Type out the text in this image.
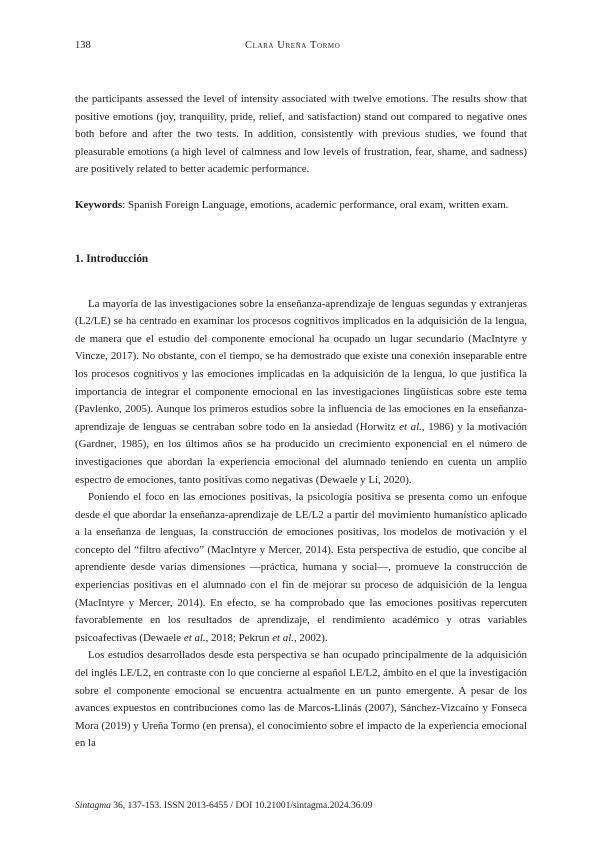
138	Clara Ureña Tormo

the participants assessed the level of intensity associated with twelve emotions. The results show that positive emotions (joy, tranquility, pride, relief, and satisfaction) stand out compared to negative ones both before and after the two tests. In addition, consistently with previous studies, we found that pleasurable emotions (a high level of calmness and low levels of frustration, fear, shame, and sadness) are positively related to better academic performance.

Keywords: Spanish Foreign Language, emotions, academic performance, oral exam, written exam.

1. Introducción

La mayoría de las investigaciones sobre la enseñanza-aprendizaje de lenguas segundas y extranjeras (L2/LE) se ha centrado en examinar los procesos cognitivos implicados en la adquisición de la lengua, de manera que el estudio del componente emocional ha ocupado un lugar secundario (MacIntyre y Vincze, 2017). No obstante, con el tiempo, se ha demostrado que existe una conexión inseparable entre los procesos cognitivos y las emociones implicadas en la adquisición de la lengua, lo que justifica la importancia de integrar el componente emocional en las investigaciones lingüísticas sobre este tema (Pavlenko, 2005). Aunque los primeros estudios sobre la influencia de las emociones en la enseñanza-aprendizaje de lenguas se centraban sobre todo en la ansiedad (Horwitz et al., 1986) y la motivación (Gardner, 1985), en los últimos años se ha producido un crecimiento exponencial en el número de investigaciones que abordan la experiencia emocional del alumnado teniendo en cuenta un amplio espectro de emociones, tanto positivas como negativas (Dewaele y Li, 2020).

Poniendo el foco en las emociones positivas, la psicología positiva se presenta como un enfoque desde el que abordar la enseñanza-aprendizaje de LE/L2 a partir del movimiento humanístico aplicado a la enseñanza de lenguas, la construcción de emociones positivas, los modelos de motivación y el concepto del “filtro afectivo” (MacIntyre y Mercer, 2014). Esta perspectiva de estudio, que concibe al aprendiente desde varias dimensiones —práctica, humana y social—, promueve la construcción de experiencias positivas en el alumnado con el fin de mejorar su proceso de adquisición de la lengua (MacIntyre y Mercer, 2014). En efecto, se ha comprobado que las emociones positivas repercuten favorablemente en los resultados de aprendizaje, el rendimiento académico y otras variables psicoafectivas (Dewaele et al., 2018; Pekrun et al., 2002).

Los estudios desarrollados desde esta perspectiva se han ocupado principalmente de la adquisición del inglés LE/L2, en contraste con lo que concierne al español LE/L2, ámbito en el que la investigación sobre el componente emocional se encuentra actualmente en un punto emergente. A pesar de los avances expuestos en contribuciones como las de Marcos-Llinás (2007), Sánchez-Vizcaíno y Fonseca Mora (2019) y Ureña Tormo (en prensa), el conocimiento sobre el impacto de la experiencia emocional en la

Sintagma 36, 137-153. ISSN 2013-6455 / DOI 10.21001/sintagma.2024.36.09
